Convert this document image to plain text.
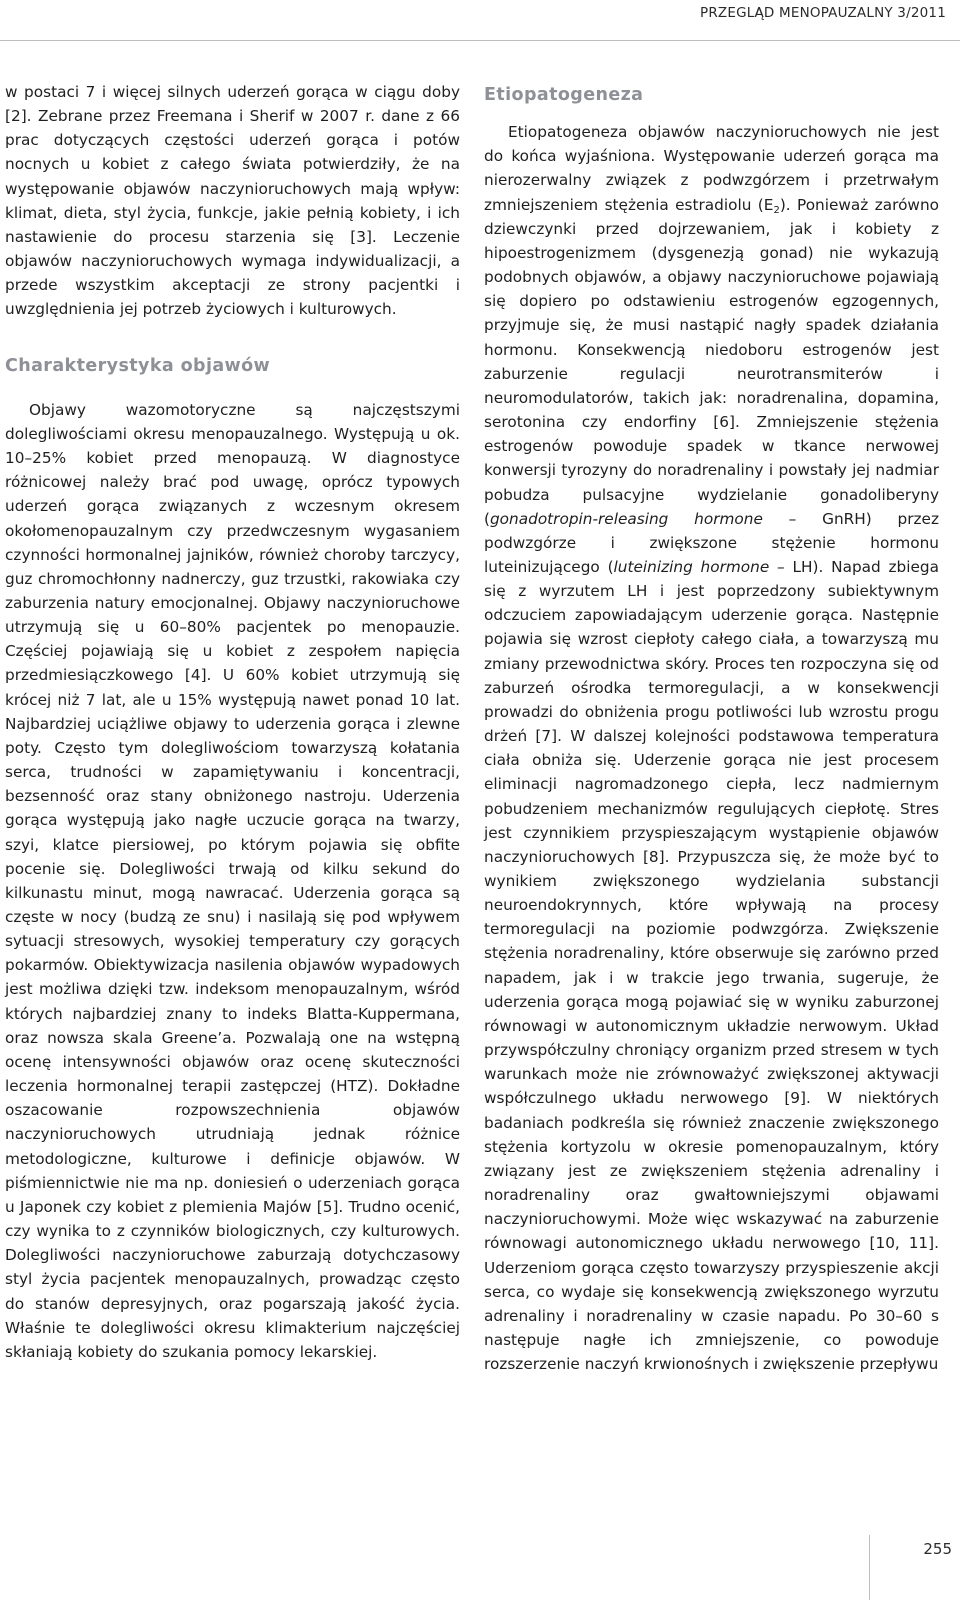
PRZEGLĄD MENOPAUZALNY 3/2011

w postaci 7 i więcej silnych uderzeń gorąca w ciągu doby [2]. Zebrane przez Freemana i Sherif w 2007 r. dane z 66 prac dotyczących częstości uderzeń gorąca i potów nocnych u kobiet z całego świata potwierdziły, że na występowanie objawów naczynioruchowych mają wpływ: klimat, dieta, styl życia, funkcje, jakie pełnią kobiety, i ich nastawienie do procesu starzenia się [3]. Leczenie objawów naczynioruchowych wymaga indywidualizacji, a przede wszystkim akceptacji ze strony pacjentki i uwzględnienia jej potrzeb życiowych i kulturowych.

Charakterystyka objawów

Objawy wazomotoryczne są najczęstszymi dolegliwościami okresu menopauzalnego. Występują u ok. 10–25% kobiet przed menopauzą. W diagnostyce różnicowej należy brać pod uwagę, oprócz typowych uderzeń gorąca związanych z wczesnym okresem okołomenopauzalnym czy przedwczesnym wygasaniem czynności hormonalnej jajników, również choroby tarczycy, guz chromochłonny nadnerczy, guz trzustki, rakowiaka czy zaburzenia natury emocjonalnej. Objawy naczynioruchowe utrzymują się u 60–80% pacjentek po menopauzie. Częściej pojawiają się u kobiet z zespołem napięcia przedmiesiączkowego [4]. U 60% kobiet utrzymują się krócej niż 7 lat, ale u 15% występują nawet ponad 10 lat. Najbardziej uciążliwe objawy to uderzenia gorąca i zlewne poty. Często tym dolegliwościom towarzyszą kołatania serca, trudności w zapamiętywaniu i koncentracji, bezsenność oraz stany obniżonego nastroju. Uderzenia gorąca występują jako nagłe uczucie gorąca na twarzy, szyi, klatce piersiowej, po którym pojawia się obfite pocenie się. Dolegliwości trwają od kilku sekund do kilkunastu minut, mogą nawracać. Uderzenia gorąca są częste w nocy (budzą ze snu) i nasilają się pod wpływem sytuacji stresowych, wysokiej temperatury czy gorących pokarmów. Obiektywizacja nasilenia objawów wypadowych jest możliwa dzięki tzw. indeksom menopauzalnym, wśród których najbardziej znany to indeks Blatta-Kuppermana, oraz nowsza skala Greene’a. Pozwalają one na wstępną ocenę intensywności objawów oraz ocenę skuteczności leczenia hormonalnej terapii zastępczej (HTZ). Dokładne oszacowanie rozpowszechnienia objawów naczynioruchowych utrudniają jednak różnice metodologiczne, kulturowe i definicje objawów. W piśmiennictwie nie ma np. doniesień o uderzeniach gorąca u Japonek czy kobiet z plemienia Majów [5]. Trudno ocenić, czy wynika to z czynników biologicznych, czy kulturowych. Dolegliwości naczynioruchowe zaburzają dotychczasowy styl życia pacjentek menopauzalnych, prowadząc często do stanów depresyjnych, oraz pogarszają jakość życia. Właśnie te dolegliwości okresu klimakterium najczęściej skłaniają kobiety do szukania pomocy lekarskiej.

Etiopatogeneza

Etiopatogeneza objawów naczynioruchowych nie jest do końca wyjaśniona. Występowanie uderzeń gorąca ma nierozerwalny związek z podwzgórzem i przetrwałym zmniejszeniem stężenia estradiolu $(E_2)$. Ponieważ zarówno dziewczynki przed dojrzewaniem, jak i kobiety z hipoestrogenizmem (dysgenezją gonad) nie wykazują podobnych objawów, a objawy naczynioruchowe pojawiają się dopiero po odstawieniu estrogenów egzogennych, przyjmuje się, że musi nastąpić nagły spadek działania hormonu. Konsekwencją niedoboru estrogenów jest zaburzenie regulacji neurotransmiterów i neuromodulatorów, takich jak: noradrenalina, dopamina, serotonina czy endorfiny [6]. Zmniejszenie stężenia estrogenów powoduje spadek w tkance nerwowej konwersji tyrozyny do noradrenaliny i powstały jej nadmiar pobudza pulsacyjne wydzielanie gonadoliberyny (gonadotropin-releasing hormone – GnRH) przez podwzgórze i zwiększone stężenie hormonu luteinizującego (luteinizing hormone – LH). Napad zbiega się z wyrzutem LH i jest poprzedzony subiektywnym odczuciem zapowiadającym uderzenie gorąca. Następnie pojawia się wzrost ciepłoty całego ciała, a towarzyszą mu zmiany przewodnictwa skóry. Proces ten rozpoczyna się od zaburzeń ośrodka termoregulacji, a w konsekwencji prowadzi do obniżenia progu potliwości lub wzrostu progu drżeń [7]. W dalszej kolejności podstawowa temperatura ciała obniża się. Uderzenie gorąca nie jest procesem eliminacji nagromadzonego ciepła, lecz nadmiernym pobudzeniem mechanizmów regulujących ciepłotę. Stres jest czynnikiem przyspieszającym wystąpienie objawów naczynioruchowych [8]. Przypuszcza się, że może być to wynikiem zwiększonego wydzielania substancji neuroendokrynnych, które wpływają na procesy termoregulacji na poziomie podwzgórza. Zwiększenie stężenia noradrenaliny, które obserwuje się zarówno przed napadem, jak i w trakcie jego trwania, sugeruje, że uderzenia gorąca mogą pojawiać się w wyniku zaburzonej równowagi w autonomicznym układzie nerwowym. Układ przywspółczulny chroniący organizm przed stresem w tych warunkach może nie zrównoważyć zwiększonej aktywacji współczulnego układu nerwowego [9]. W niektórych badaniach podkreśla się również znaczenie zwiększonego stężenia kortyzolu w okresie pomenopauzalnym, który związany jest ze zwiększeniem stężenia adrenaliny i noradrenaliny oraz gwałtowniejszymi objawami naczynioruchowymi. Może więc wskazywać na zaburzenie równowagi autonomicznego układu nerwowego [10, 11]. Uderzeniom gorąca często towarzyszy przyspieszenie akcji serca, co wydaje się konsekwencją zwiększonego wyrzutu adrenaliny i noradrenaliny w czasie napadu. Po 30–60 s następuje nagłe ich zmniejszenie, co powoduje rozszerzenie naczyń krwionośnych i zwiększenie przepływu

255
